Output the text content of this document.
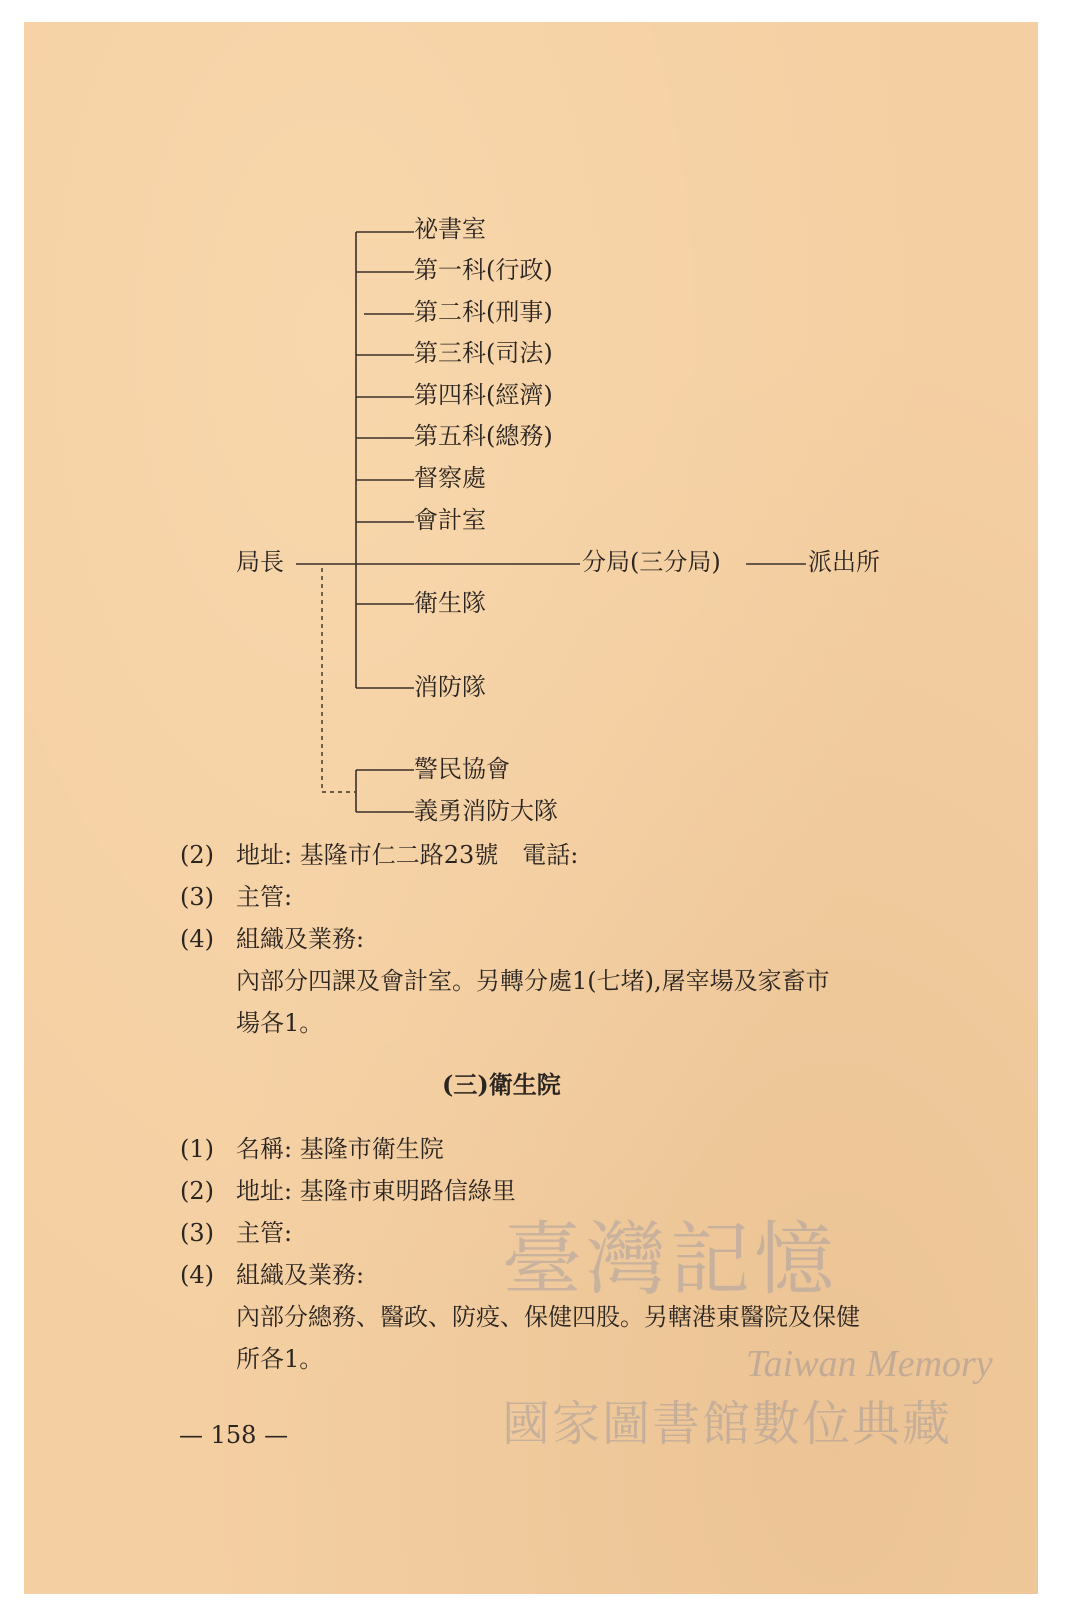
祕書室
第一科(行政)
第二科(刑事)
第三科(司法)
第四科(經濟)
第五科(總務)
督察處
會計室
局長	分局(三分局)	派出所
衛生隊
消防隊
警民協會
義勇消防大隊
(2) 地址: 基隆市仁二路23號　電話:
(3) 主管:
(4) 組織及業務:
內部分四課及會計室。另轉分處1(七堵),屠宰場及家畜市
場各1。
(三)衛生院
(1) 名稱: 基隆市衛生院
(2) 地址: 基隆市東明路信綠里
(3) 主管:
(4) 組織及業務:
內部分總務、醫政、防疫、保健四股。另轄港東醫院及保健
所各1。
— 158 —
臺灣記憶
Taiwan Memory
國家圖書館數位典藏
